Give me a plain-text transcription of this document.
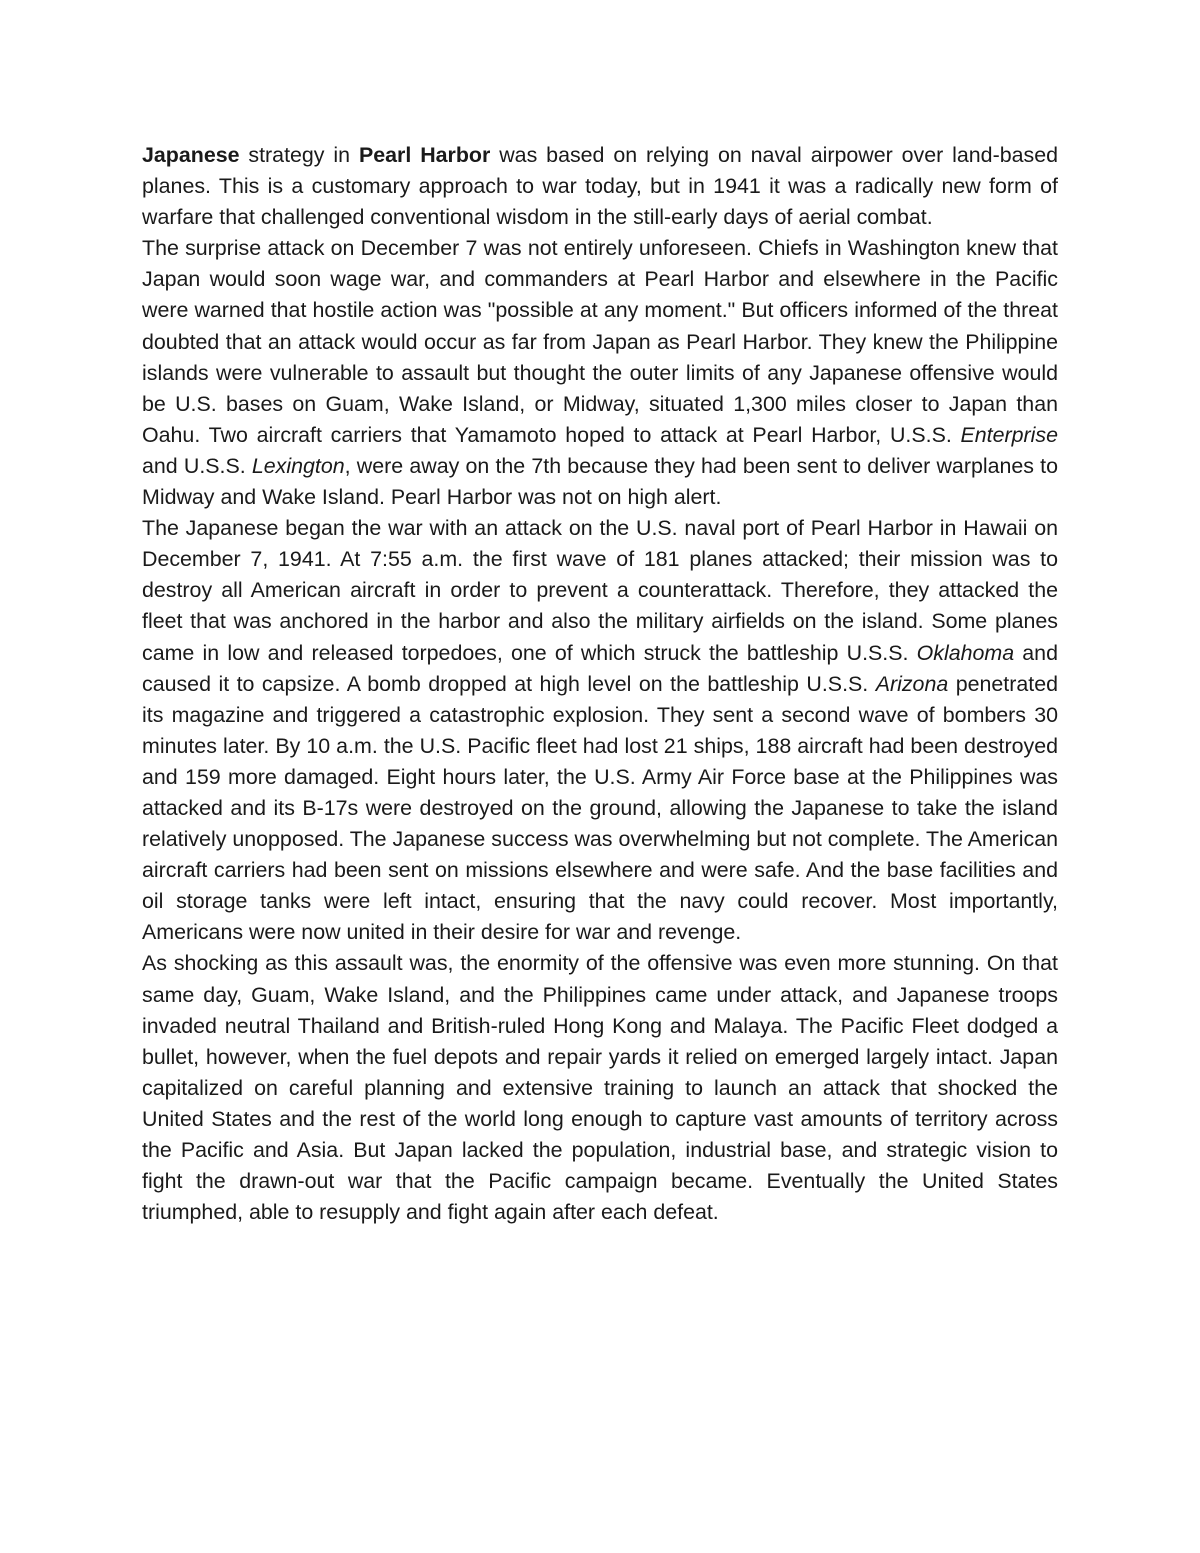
Japanese strategy in Pearl Harbor was based on relying on naval airpower over land-based planes. This is a customary approach to war today, but in 1941 it was a radically new form of warfare that challenged conventional wisdom in the still-early days of aerial combat.

The surprise attack on December 7 was not entirely unforeseen. Chiefs in Washington knew that Japan would soon wage war, and commanders at Pearl Harbor and elsewhere in the Pacific were warned that hostile action was "possible at any moment." But officers informed of the threat doubted that an attack would occur as far from Japan as Pearl Harbor. They knew the Philippine islands were vulnerable to assault but thought the outer limits of any Japanese offensive would be U.S. bases on Guam, Wake Island, or Midway, situated 1,300 miles closer to Japan than Oahu. Two aircraft carriers that Yamamoto hoped to attack at Pearl Harbor, U.S.S. Enterprise and U.S.S. Lexington, were away on the 7th because they had been sent to deliver warplanes to Midway and Wake Island. Pearl Harbor was not on high alert.

The Japanese began the war with an attack on the U.S. naval port of Pearl Harbor in Hawaii on December 7, 1941. At 7:55 a.m. the first wave of 181 planes attacked; their mission was to destroy all American aircraft in order to prevent a counterattack. Therefore, they attacked the fleet that was anchored in the harbor and also the military airfields on the island. Some planes came in low and released torpedoes, one of which struck the battleship U.S.S. Oklahoma and caused it to capsize. A bomb dropped at high level on the battleship U.S.S. Arizona penetrated its magazine and triggered a catastrophic explosion. They sent a second wave of bombers 30 minutes later. By 10 a.m. the U.S. Pacific fleet had lost 21 ships, 188 aircraft had been destroyed and 159 more damaged. Eight hours later, the U.S. Army Air Force base at the Philippines was attacked and its B-17s were destroyed on the ground, allowing the Japanese to take the island relatively unopposed. The Japanese success was overwhelming but not complete. The American aircraft carriers had been sent on missions elsewhere and were safe. And the base facilities and oil storage tanks were left intact, ensuring that the navy could recover. Most importantly, Americans were now united in their desire for war and revenge.

As shocking as this assault was, the enormity of the offensive was even more stunning. On that same day, Guam, Wake Island, and the Philippines came under attack, and Japanese troops invaded neutral Thailand and British-ruled Hong Kong and Malaya. The Pacific Fleet dodged a bullet, however, when the fuel depots and repair yards it relied on emerged largely intact. Japan capitalized on careful planning and extensive training to launch an attack that shocked the United States and the rest of the world long enough to capture vast amounts of territory across the Pacific and Asia. But Japan lacked the population, industrial base, and strategic vision to fight the drawn-out war that the Pacific campaign became. Eventually the United States triumphed, able to resupply and fight again after each defeat.
